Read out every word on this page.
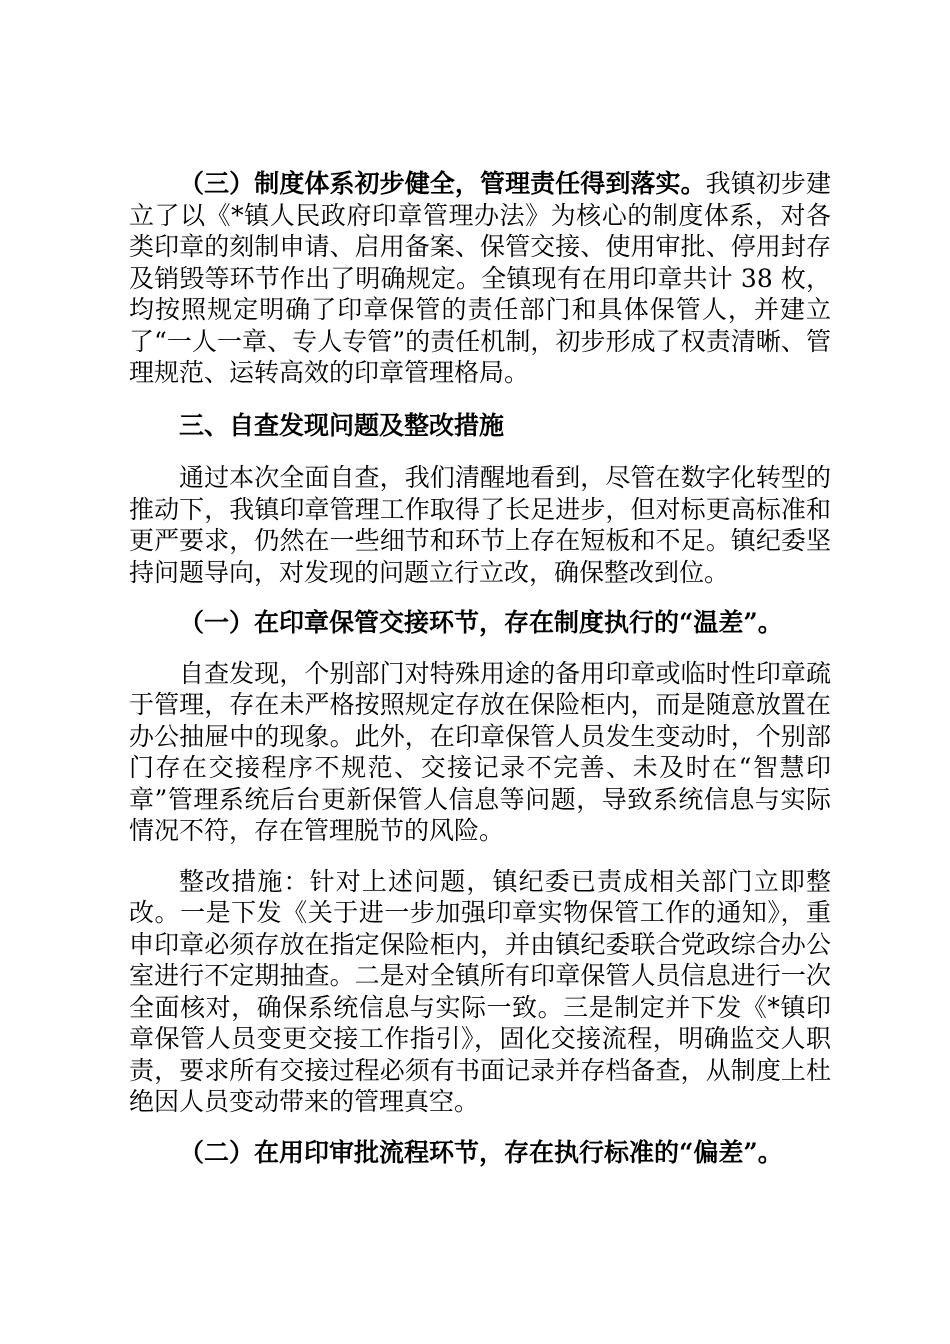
（三）制度体系初步健全，管理责任得到落实。我镇初步建立了以《*镇人民政府印章管理办法》为核心的制度体系，对各类印章的刻制申请、启用备案、保管交接、使用审批、停用封存及销毁等环节作出了明确规定。全镇现有在用印章共计 38 枚，均按照规定明确了印章保管的责任部门和具体保管人，并建立了“一人一章、专人专管”的责任机制，初步形成了权责清晰、管理规范、运转高效的印章管理格局。

三、自查发现问题及整改措施

通过本次全面自查，我们清醒地看到，尽管在数字化转型的推动下，我镇印章管理工作取得了长足进步，但对标更高标准和更严要求，仍然在一些细节和环节上存在短板和不足。镇纪委坚持问题导向，对发现的问题立行立改，确保整改到位。

（一）在印章保管交接环节，存在制度执行的“温差”。

自查发现，个别部门对特殊用途的备用印章或临时性印章疏于管理，存在未严格按照规定存放在保险柜内，而是随意放置在办公抽屉中的现象。此外，在印章保管人员发生变动时，个别部门存在交接程序不规范、交接记录不完善、未及时在“智慧印章”管理系统后台更新保管人信息等问题，导致系统信息与实际情况不符，存在管理脱节的风险。

整改措施：针对上述问题，镇纪委已责成相关部门立即整改。一是下发《关于进一步加强印章实物保管工作的通知》，重申印章必须存放在指定保险柜内，并由镇纪委联合党政综合办公室进行不定期抽查。二是对全镇所有印章保管人员信息进行一次全面核对，确保系统信息与实际一致。三是制定并下发《*镇印章保管人员变更交接工作指引》，固化交接流程，明确监交人职责，要求所有交接过程必须有书面记录并存档备查，从制度上杜绝因人员变动带来的管理真空。

（二）在用印审批流程环节，存在执行标准的“偏差”。
